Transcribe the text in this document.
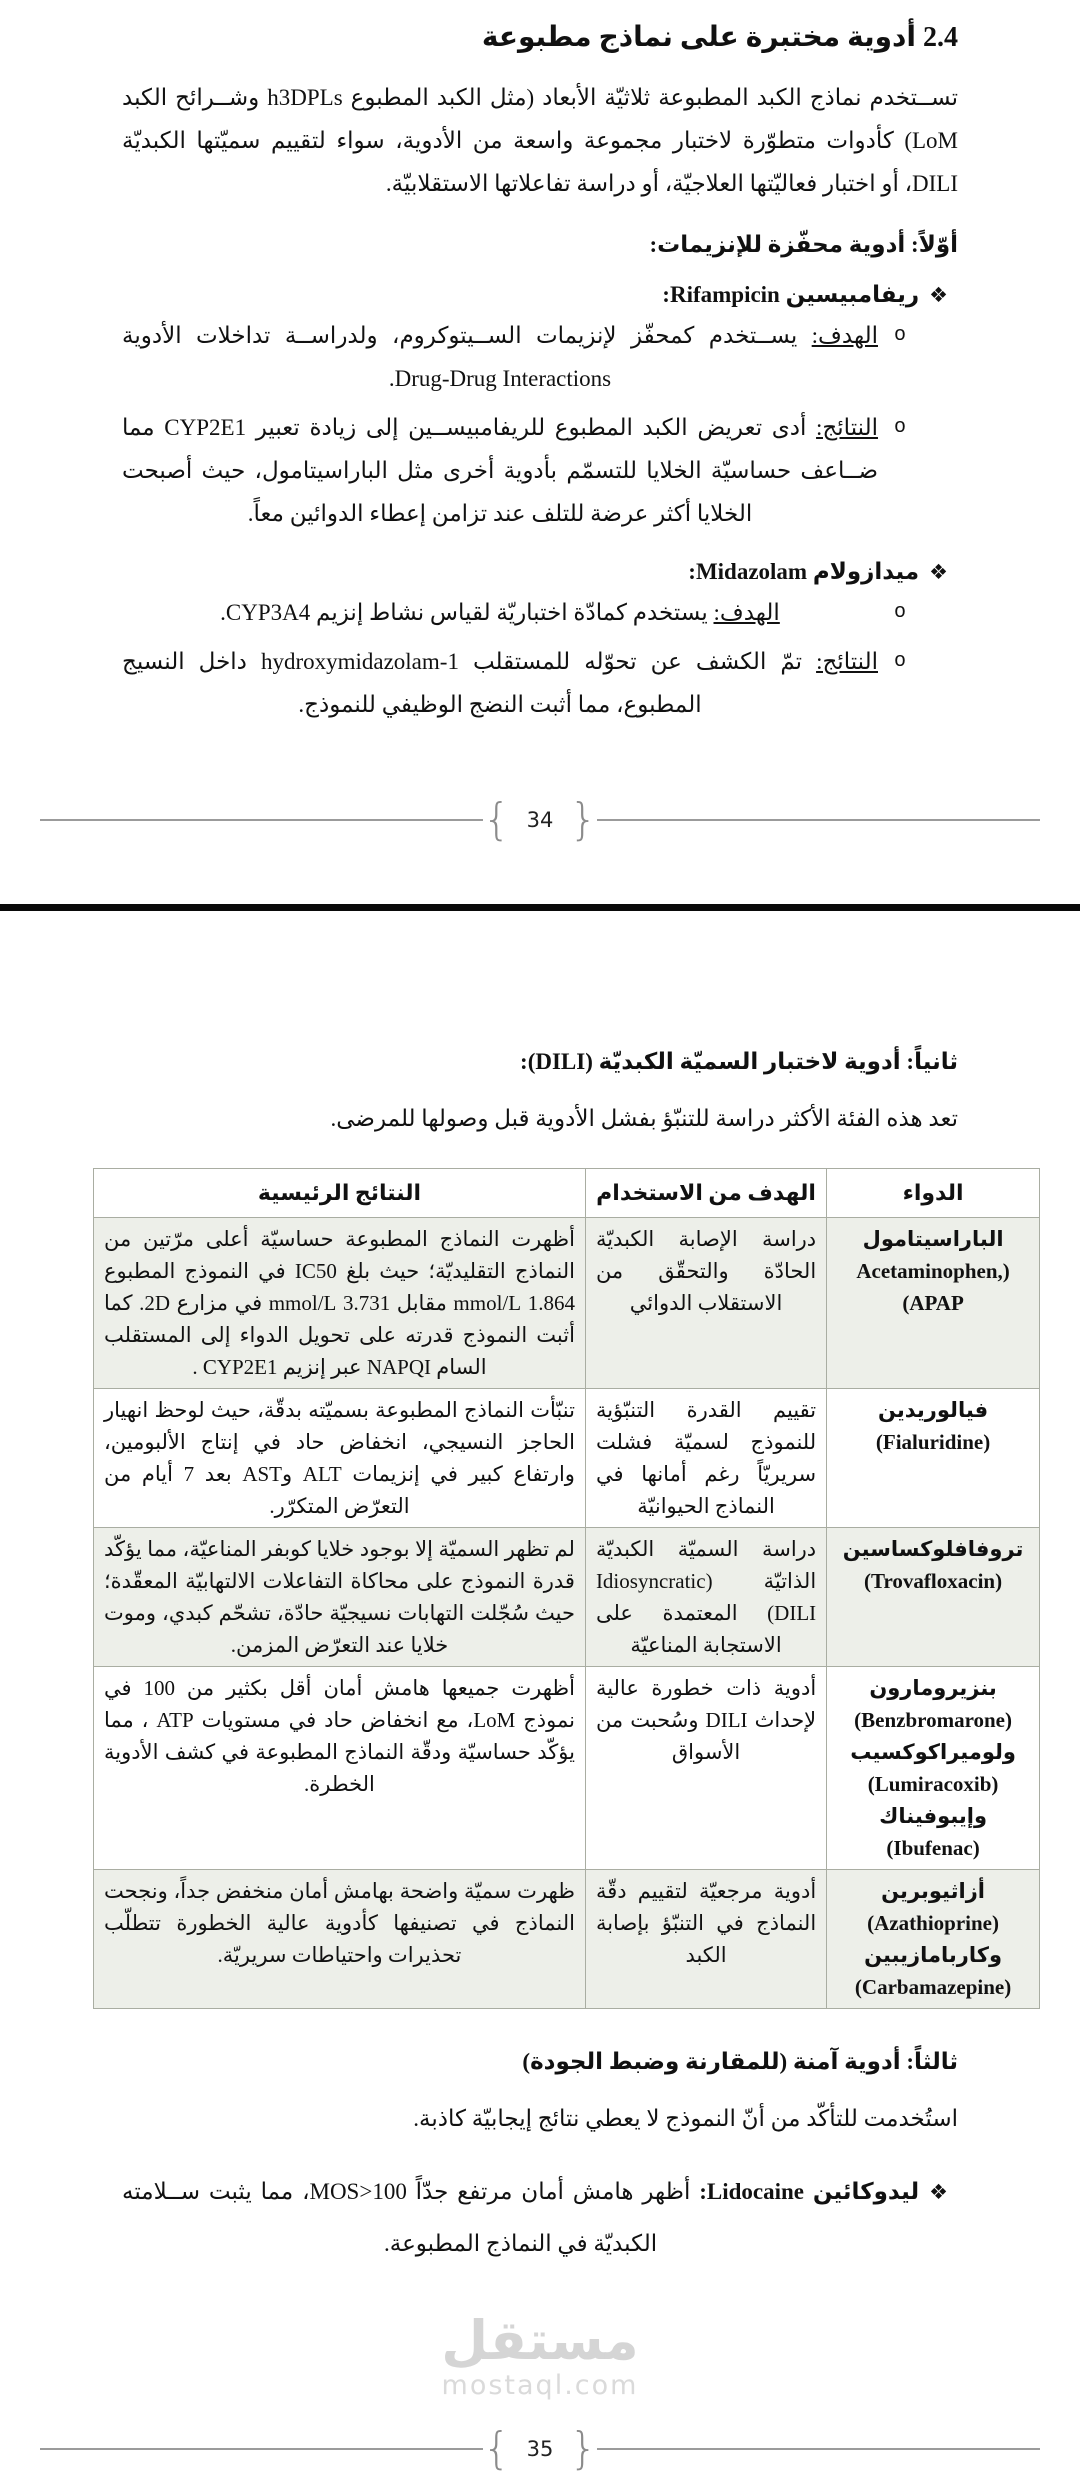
2.4 أدوية مختبرة على نماذج مطبوعة

تســتخدم نماذج الكبد المطبوعة ثلاثيّة الأبعاد (مثل الكبد المطبوع h3DPLs وشــرائح الكبد LoM) كأدوات متطوّرة لاختبار مجموعة واسعة من الأدوية، سواء لتقييم سميّتها الكبديّة DILI، أو اختبار فعاليّتها العلاجيّة، أو دراسة تفاعلاتها الاستقلابيّة.

أوّلاً: أدوية محفّزة للإنزيمات:
❖
ريفامبيسين Rifampicin:
o
الهدف: يســتخدم كمحفّز لإنزيمات الســيتوكروم، ولدراســة تداخلات الأدوية Drug-Drug Interactions.
o
النتائج: أدى تعريض الكبد المطبوع للريفامبيســين إلى زيادة تعبير CYP2E1 مما ضــاعف حساسيّة الخلايا للتسمّم بأدوية أخرى مثل الباراسيتامول، حيث أصبحت الخلايا أكثر عرضة للتلف عند تزامن إعطاء الدوائين معاً.
❖
ميدازولام Midazolam:
o
الهدف: يستخدم كمادّة اختباريّة لقياس نشاط إنزيم CYP3A4.
o
النتائج: تمّ الكشف عن تحوّله للمستقلب 1-hydroxymidazolam داخل النسيج المطبوع، مما أثبت النضج الوظيفي للنموذج.
{
34
}
ثانياً: أدوية لاختبار السميّة الكبديّة (DILI):

تعد هذه الفئة الأكثر دراسة للتنبّؤ بفشل الأدوية قبل وصولها للمرضى.

الدواء	الهدف من الاستخدام	النتائج الرئيسية
الباراسيتامول (Acetaminophen, APAP)	دراسة الإصابة الكبديّة الحادّة والتحقّق من الاستقلاب الدوائي	أظهرت النماذج المطبوعة حساسيّة أعلى مرّتين من النماذج التقليديّة؛ حيث بلغ IC50 في النموذج المطبوع 1.864 mmol/L مقابل 3.731 mmol/L في مزارع 2D. كما أثبت النموذج قدرته على تحويل الدواء إلى المستقلب السام NAPQI عبر إنزيم CYP2E1 .
فيالوريدين (Fialuridine)	تقييم القدرة التنبّؤية للنموذج لسميّة فشلت سريريّاً رغم أمانها في النماذج الحيوانيّة	تنبّأت النماذج المطبوعة بسميّته بدقّة، حيث لوحظ انهيار الحاجز النسيجي، انخفاض حاد في إنتاج الألبومين، وارتفاع كبير في إنزيمات ALT وAST بعد 7 أيام من التعرّض المتكرّر.
تروفافلوكساسين (Trovafloxacin)	دراسة السميّة الكبديّة الذاتيّة (Idiosyncratic DILI) المعتمدة على الاستجابة المناعيّة	لم تظهر السميّة إلا بوجود خلايا كوبفر المناعيّة، مما يؤكّد قدرة النموذج على محاكاة التفاعلات الالتهابيّة المعقّدة؛ حيث سُجّلت التهابات نسيجيّة حادّة، تشحّم كبدي، وموت خلايا عند التعرّض المزمن.
بنزيرومارون (Benzbromarone) ولوميراكوكسيب (Lumiracoxib) وإيبوفيناك (Ibufenac)	أدوية ذات خطورة عالية لإحداث DILI وسُحبت من الأسواق	أظهرت جميعها هامش أمان أقل بكثير من 100 في نموذج LoM، مع انخفاض حاد في مستويات ATP ، مما يؤكّد حساسيّة ودقّة النماذج المطبوعة في كشف الأدوية الخطرة.
أزاثيوبرين (Azathioprine) وكاربامازيبين (Carbamazepine)	أدوية مرجعيّة لتقييم دقّة النماذج في التنبّؤ بإصابة الكبد	ظهرت سميّة واضحة بهامش أمان منخفض جداً، ونجحت النماذج في تصنيفها كأدوية عالية الخطورة تتطلّب تحذيرات واحتياطات سريريّة.
ثالثاً: أدوية آمنة (للمقارنة وضبط الجودة)

استُخدمت للتأكّد من أنّ النموذج لا يعطي نتائج إيجابيّة كاذبة.

❖
ليدوكائين Lidocaine: أظهر هامش أمان مرتفع جدّاً MOS>100، مما يثبت ســلامته الكبديّة في النماذج المطبوعة.
مستقل
mostaql.com
{
35
}
